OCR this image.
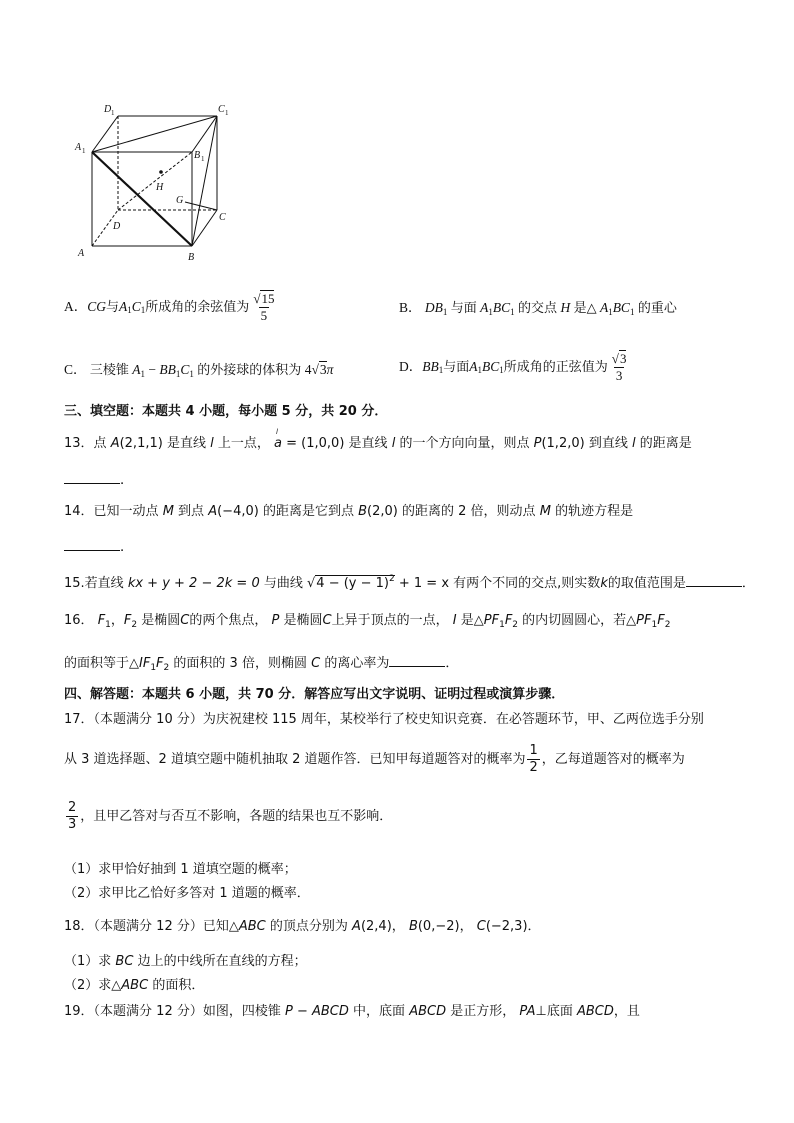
D 1	C 1
A 1	B 1
H
G
D
C
A	B
A． CG 与 A 1 C 1 所成角的余弦值为 $\frac{√15}{5}$	B． $DB_1$ 与面 $A_1BC_1$ 的交点 H 是△ $A_1BC_1$ 的重心
C． 三棱锥 $A_1 - BB_1C_1$ 的外接球的体积为 4√3π	D． BB 1 与面 A 1 BC 1 所成角的正弦值为 $\frac{√3}{3}$
三、填空题：本题共 4 小题，每小题 5 分，共 20 分．
13．点 A(2,1,1) 是直线 l 上一点，
l
a = (1,0,0) 是直线 l 的一个方向向量，则点 P(1,2,0) 到直线 l 的距离是
．
14．已知一动点 M 到点 A(−4,0) 的距离是它到点 B(2,0) 的距离的 2 倍，则动点 M 的轨迹方程是
．
15.若直线 kx + y + 2 − 2k = 0 与曲线 $√4 - (y - 1)^2 + 1 = x$ 有两个不同的交点,则实数k的取值范围是	．
16． $F_1$，$F_2$ 是椭圆C的两个焦点， P 是椭圆C上异于顶点的一点， I 是$\triangle PF_1F_2$ 的内切圆圆心，若$\triangle PF_1F_2$
的面积等于$\triangle IF_1F_2$ 的面积的 3 倍，则椭圆 C 的离心率为	．
四、解答题：本题共 6 小题，共 70 分．解答应写出文字说明、证明过程或演算步骤．
17．（本题满分 10 分）为庆祝建校 115 周年，某校举行了校史知识竞赛．在必答题环节，甲、乙两位选手分别
从 3 道选择题、2 道填空题中随机抽取 2 道题作答．已知甲每道题答对的概率为 $\frac{1}{2}$ ，乙每道题答对的概率为
$\frac{2}{3}$ ，且甲乙答对与否互不影响，各题的结果也互不影响．
（1）求甲恰好抽到 1 道填空题的概率；
（2）求甲比乙恰好多答对 1 道题的概率．
18．（本题满分 12 分）已知△ABC 的顶点分别为 A(2,4)， B(0,−2)， C(−2,3)．
（1）求 BC 边上的中线所在直线的方程；
（2）求△ABC 的面积．
19．（本题满分 12 分）如图，四棱锥 P − ABCD 中，底面 ABCD 是正方形， PA⊥底面 ABCD，且
